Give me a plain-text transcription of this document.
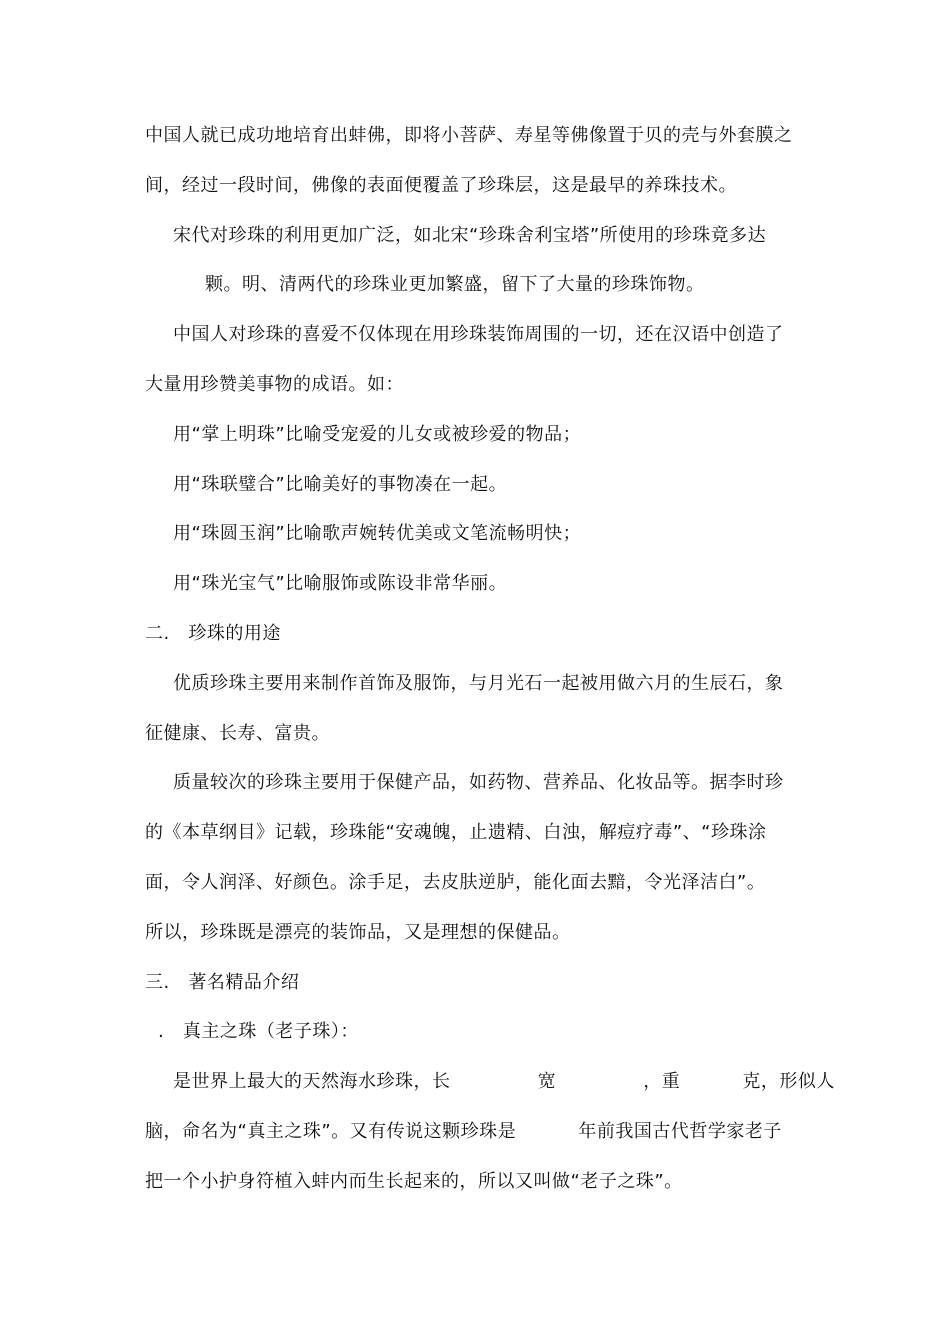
中国人就已成功地培育出蚌佛，即将小菩萨、寿星等佛像置于贝的壳与外套膜之
间，经过一段时间，佛像的表面便覆盖了珍珠层，这是最早的养珠技术。
宋代对珍珠的利用更加广泛，如北宋“珍珠舍利宝塔”所使用的珍珠竟多达
颗。明、清两代的珍珠业更加繁盛，留下了大量的珍珠饰物。
中国人对珍珠的喜爱不仅体现在用珍珠装饰周围的一切，还在汉语中创造了
大量用珍赞美事物的成语。如：
用“掌上明珠”比喻受宠爱的儿女或被珍爱的物品；
用“珠联璧合”比喻美好的事物凑在一起。
用“珠圆玉润”比喻歌声婉转优美或文笔流畅明快；
用“珠光宝气”比喻服饰或陈设非常华丽。
二.   珍珠的用途
优质珍珠主要用来制作首饰及服饰，与月光石一起被用做六月的生辰石，象
征健康、长寿、富贵。
质量较次的珍珠主要用于保健产品，如药物、营养品、化妆品等。据李时珍
的《本草纲目》记载，珍珠能“安魂魄，止遗精、白浊，解痘疗毒”、“珍珠涂
面，令人润泽、好颜色。涂手足，去皮肤逆胪，能化面去黯，令光泽洁白”。
所以，珍珠既是漂亮的装饰品，又是理想的保健品。
三.   著名精品介绍
.   真主之珠（老子珠）：
是世界上最大的天然海水珍珠，长              宽              ，重          克，形似人
脑，命名为“真主之珠”。又有传说这颗珍珠是          年前我国古代哲学家老子
把一个小护身符植入蚌内而生长起来的，所以又叫做“老子之珠”。
